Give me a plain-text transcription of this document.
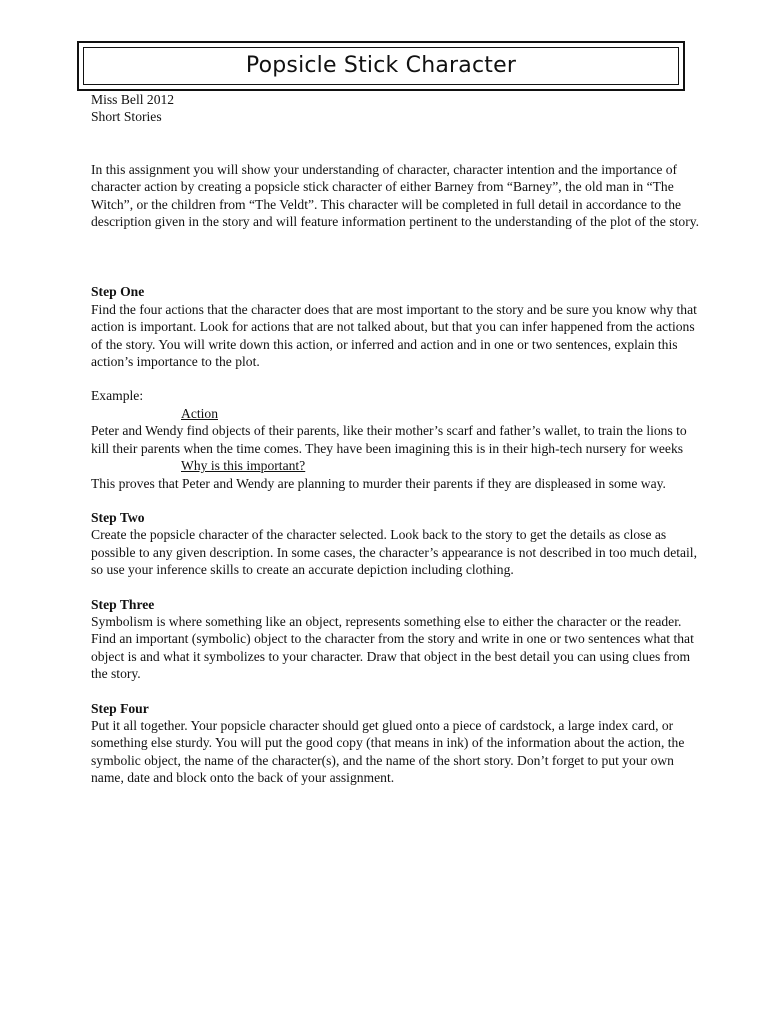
Popsicle Stick Character
Miss Bell 2012
Short Stories

In this assignment you will show your understanding of character, character intention and the importance of character action by creating a popsicle stick character of either Barney from “Barney”, the old man in “The Witch”, or the children from “The Veldt”. This character will be completed in full detail in accordance to the description given in the story and will feature information pertinent to the understanding of the plot of the story.

Step One

Find the four actions that the character does that are most important to the story and be sure you know why that action is important. Look for actions that are not talked about, but that you can infer happened from the actions of the story. You will write down this action, or inferred and action and in one or two sentences, explain this action’s importance to the plot.

Example:
Action

Peter and Wendy find objects of their parents, like their mother’s scarf and father’s wallet, to train the lions to kill their parents when the time comes. They have been imagining this is in their high-tech nursery for weeks

Why is this important?

This proves that Peter and Wendy are planning to murder their parents if they are displeased in some way.

Step Two

Create the popsicle character of the character selected. Look back to the story to get the details as close as possible to any given description. In some cases, the character’s appearance is not described in too much detail, so use your inference skills to create an accurate depiction including clothing.

Step Three

Symbolism is where something like an object, represents something else to either the character or the reader. Find an important (symbolic) object to the character from the story and write in one or two sentences what that object is and what it symbolizes to your character. Draw that object in the best detail you can using clues from the story.

Step Four

Put it all together. Your popsicle character should get glued onto a piece of cardstock, a large index card, or something else sturdy. You will put the good copy (that means in ink) of the information about the action, the symbolic object, the name of the character(s), and the name of the short story. Don’t forget to put your own name, date and block onto the back of your assignment.
